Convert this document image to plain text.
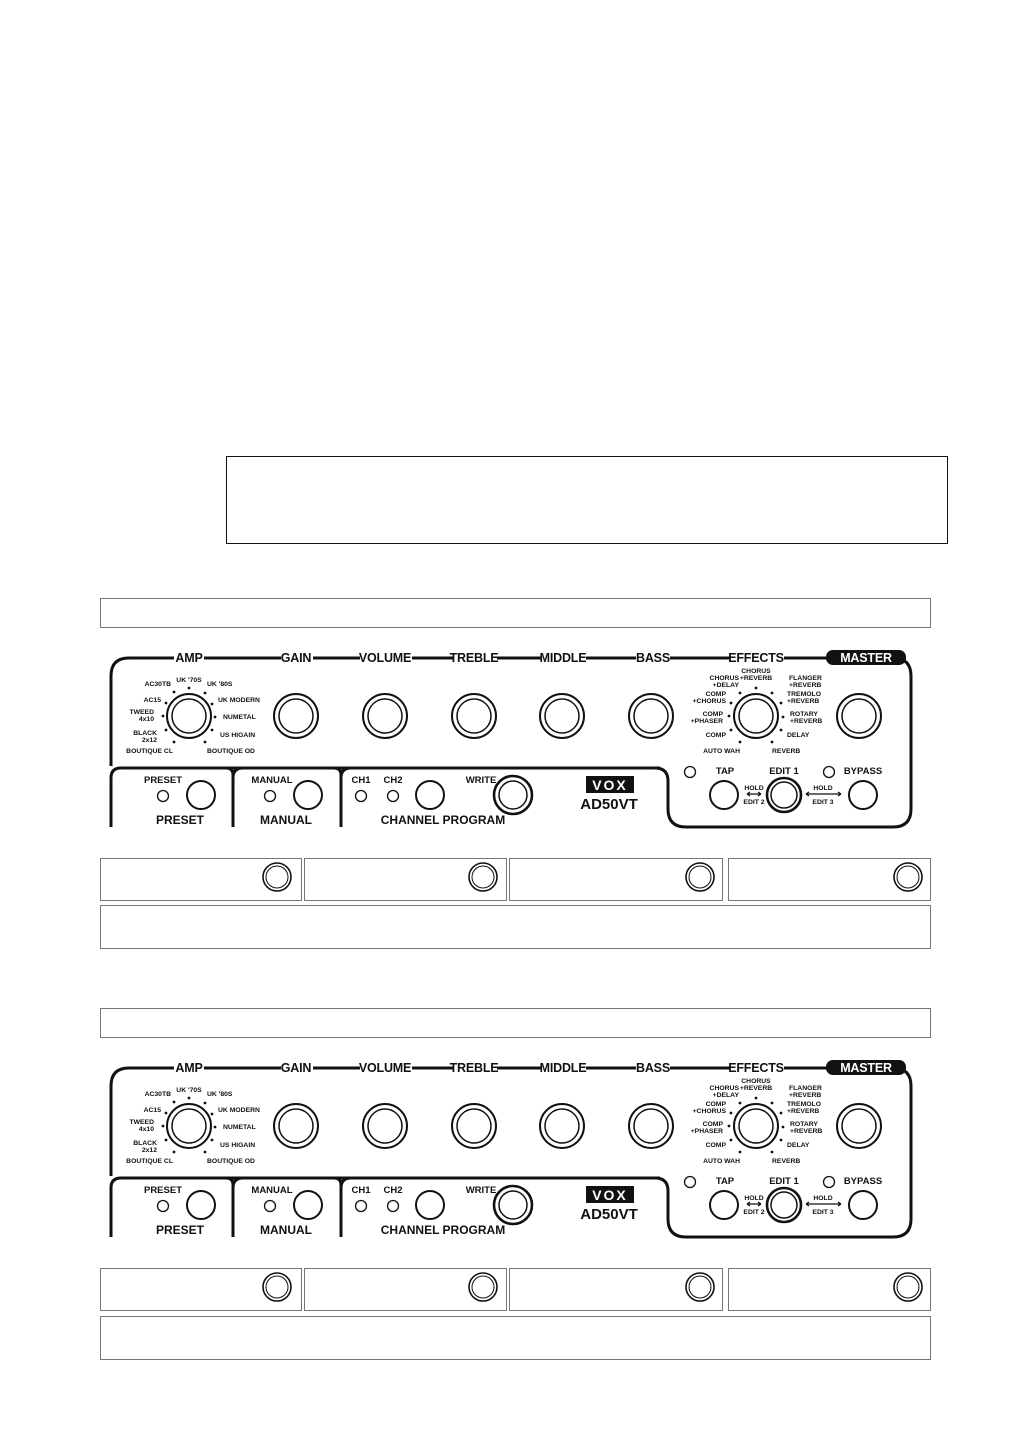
AMP	GAIN	VOLUME	TREBLE	MIDDLE	BASS	EFFECTS	MASTER
UK '70S
AC30TB	UK '80S
AC15	UK MODERN
TWEED
4x10	NUMETAL
BLACK
2x12
US HIGAIN
BOUTIQUE CL	BOUTIQUE OD
CHORUS
+REVERB
CHORUS
+DELAY
FLANGER
+REVERB
COMP
+CHORUS
TREMOLO
+REVERB
COMP
+PHASER
ROTARY
+REVERB
COMP	DELAY
AUTO WAH	REVERB
PRESET
PRESET
MANUAL
MANUAL
CH1 CH2	WRITE
CHANNEL PROGRAM
VOX
AD50VT
TAP	EDIT 1	BYPASS
HOLD
EDIT 2
HOLD
EDIT 3
AMP	GAIN	VOLUME	TREBLE	MIDDLE	BASS	EFFECTS	MASTER
UK '70S
AC30TB	UK '80S
AC15	UK MODERN
TWEED
4x10	NUMETAL
BLACK
2x12
US HIGAIN
BOUTIQUE CL	BOUTIQUE OD
CHORUS
+REVERB
CHORUS
+DELAY
FLANGER
+REVERB
COMP
+CHORUS
TREMOLO
+REVERB
COMP
+PHASER
ROTARY
+REVERB
COMP	DELAY
AUTO WAH	REVERB
PRESET
PRESET
MANUAL
MANUAL
CH1 CH2	WRITE
CHANNEL PROGRAM
VOX
AD50VT
TAP	EDIT 1	BYPASS
HOLD
EDIT 2
HOLD
EDIT 3
